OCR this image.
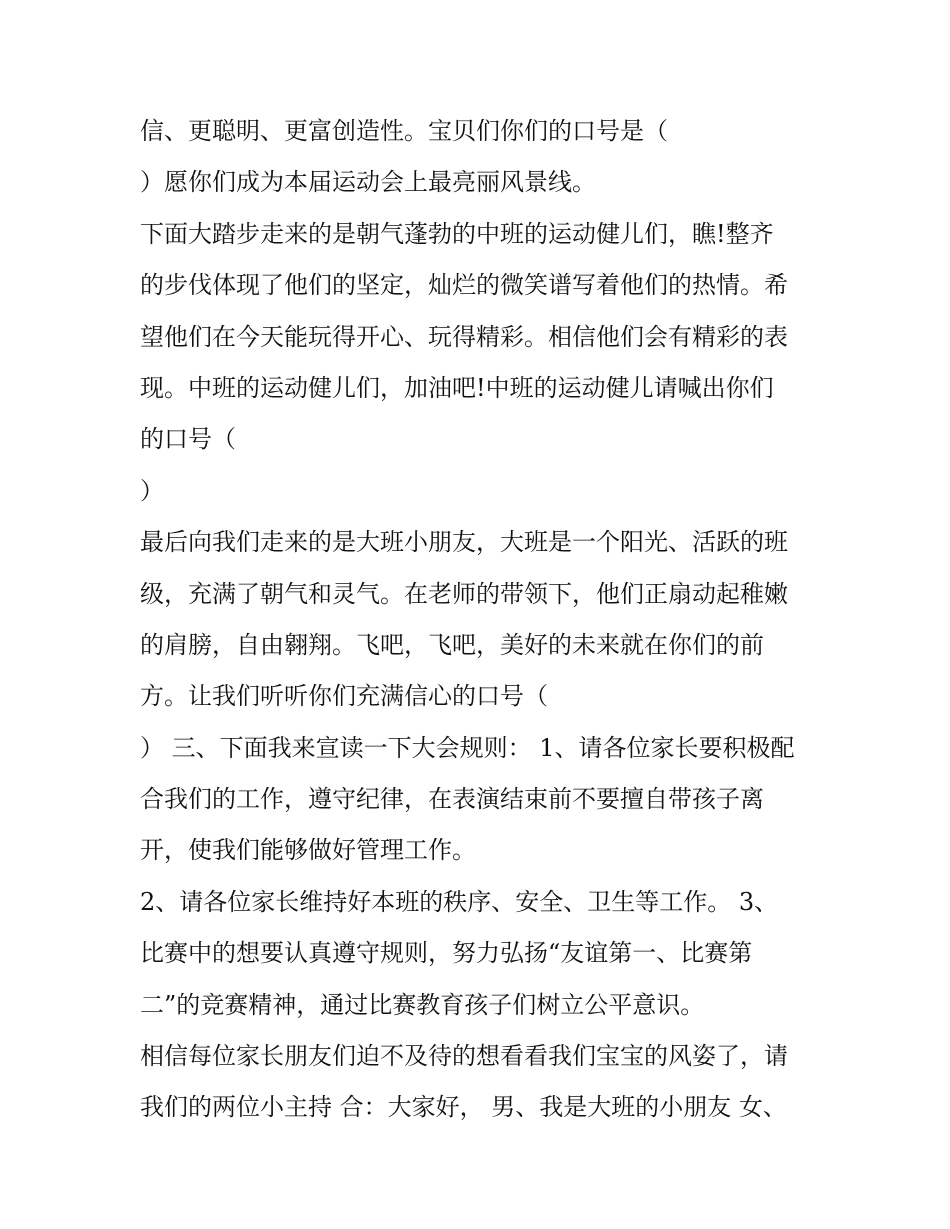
信、更聪明、更富创造性。宝贝们你们的口号是（
）愿你们成为本届运动会上最亮丽风景线。
下面大踏步走来的是朝气蓬勃的中班的运动健儿们，瞧!整齐
的步伐体现了他们的坚定，灿烂的微笑谱写着他们的热情。希
望他们在今天能玩得开心、玩得精彩。相信他们会有精彩的表
现。中班的运动健儿们，加油吧!中班的运动健儿请喊出你们
的口号（
）
最后向我们走来的是大班小朋友，大班是一个阳光、活跃的班
级，充满了朝气和灵气。在老师的带领下，他们正扇动起稚嫩
的肩膀，自由翱翔。飞吧，飞吧，美好的未来就在你们的前
方。让我们听听你们充满信心的口号（
） 三、下面我来宣读一下大会规则： 1、请各位家长要积极配
合我们的工作，遵守纪律，在表演结束前不要擅自带孩子离
开，使我们能够做好管理工作。
2、请各位家长维持好本班的秩序、安全、卫生等工作。 3、
比赛中的想要认真遵守规则，努力弘扬“友谊第一、比赛第
二”的竞赛精神，通过比赛教育孩子们树立公平意识。
相信每位家长朋友们迫不及待的想看看我们宝宝的风姿了，请
我们的两位小主持 合：大家好， 男、我是大班的小朋友 女、
